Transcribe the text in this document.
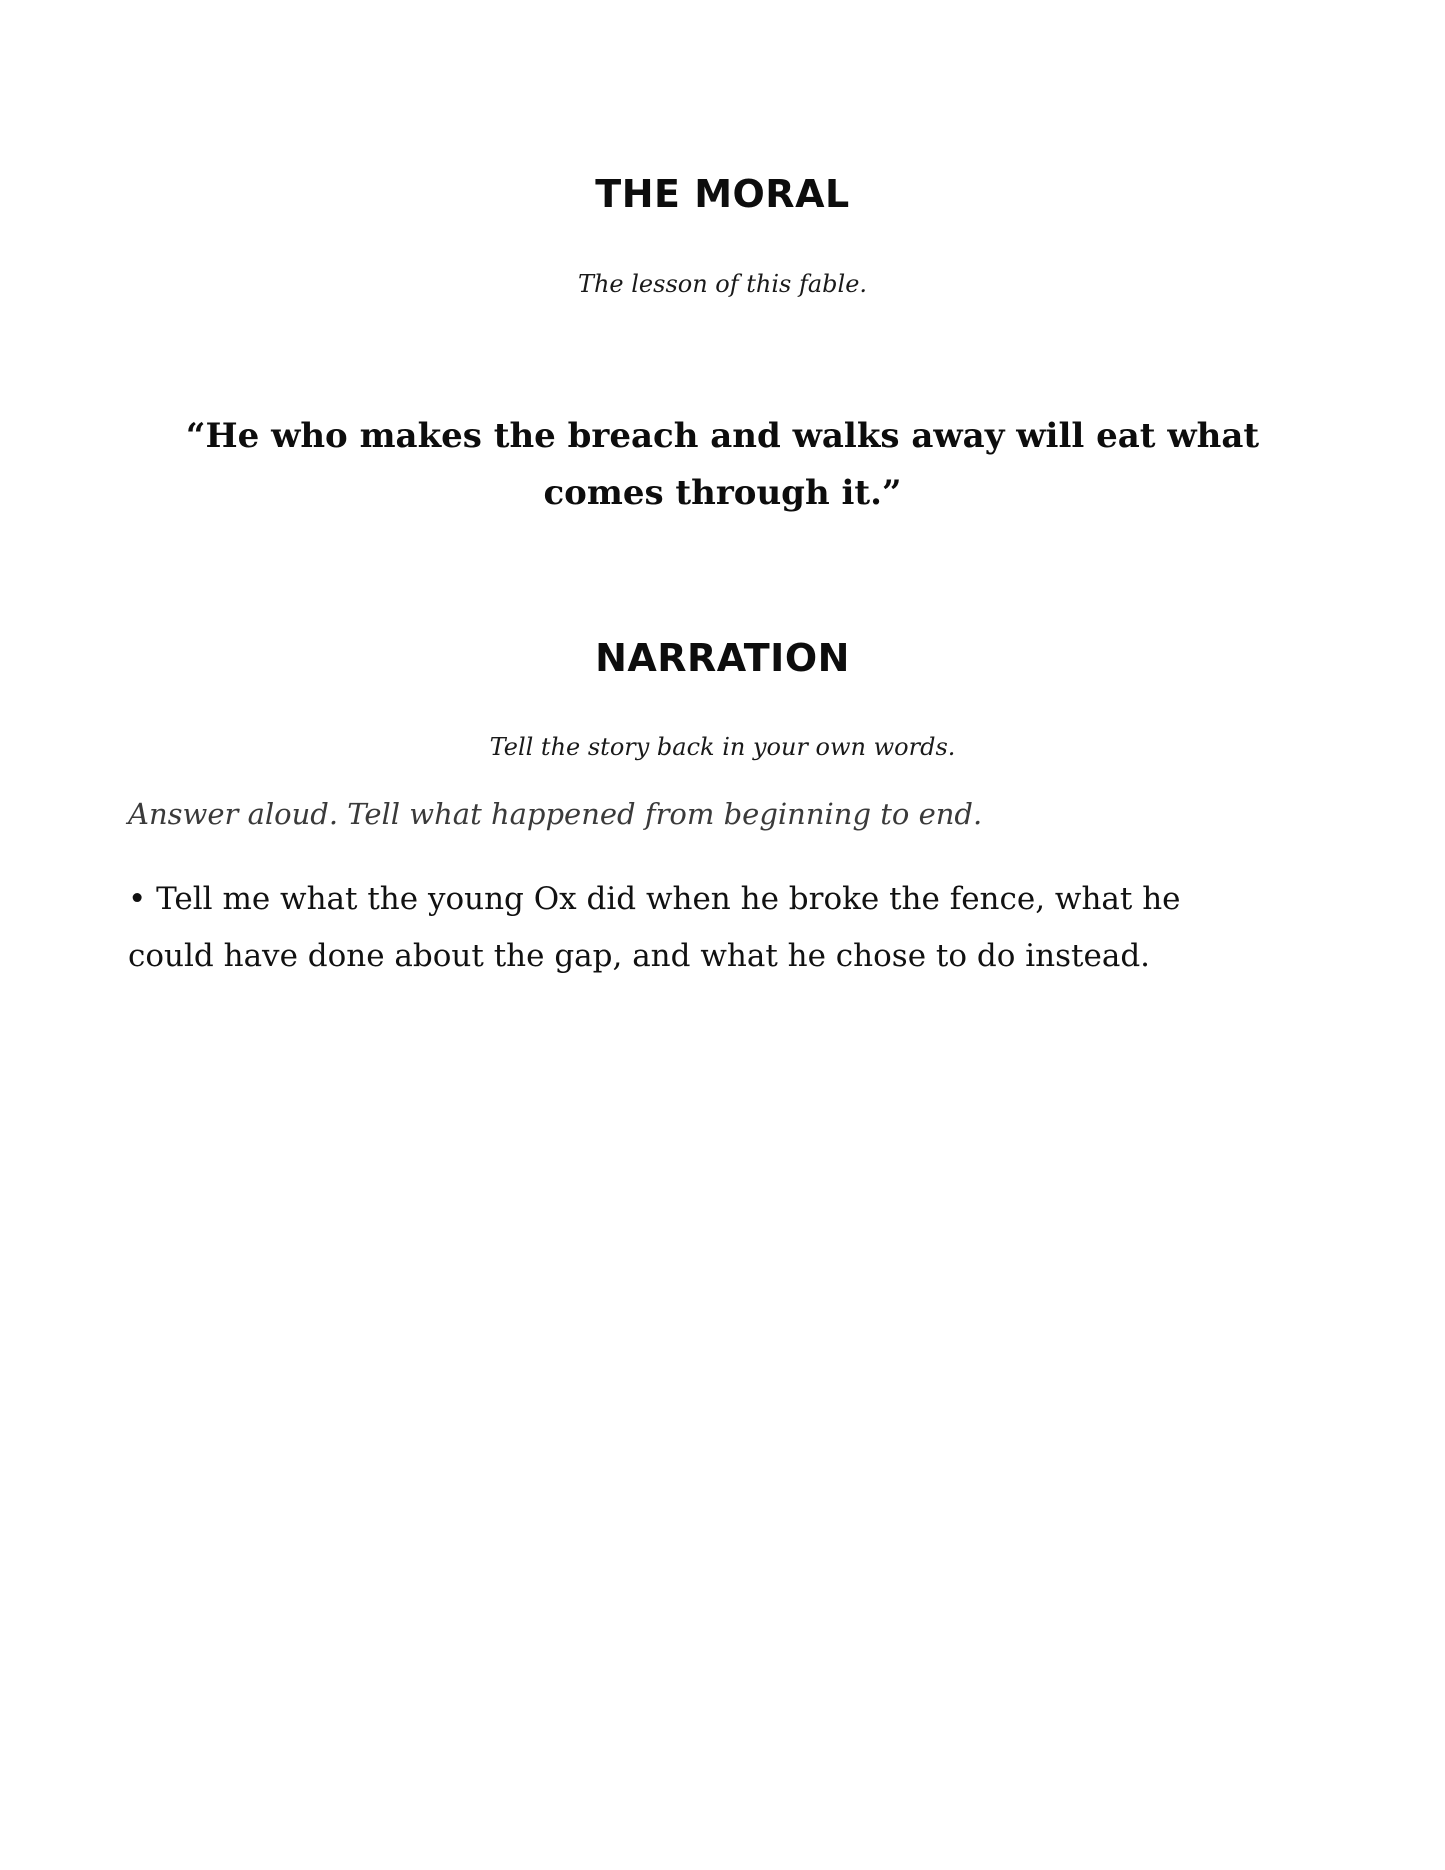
THE MORAL

The lesson of this fable.

“He who makes the breach and walks away will eat what comes through it.”

NARRATION

Tell the story back in your own words.

Answer aloud. Tell what happened from beginning to end.

• Tell me what the young Ox did when he broke the fence, what he could have done about the gap, and what he chose to do instead.
